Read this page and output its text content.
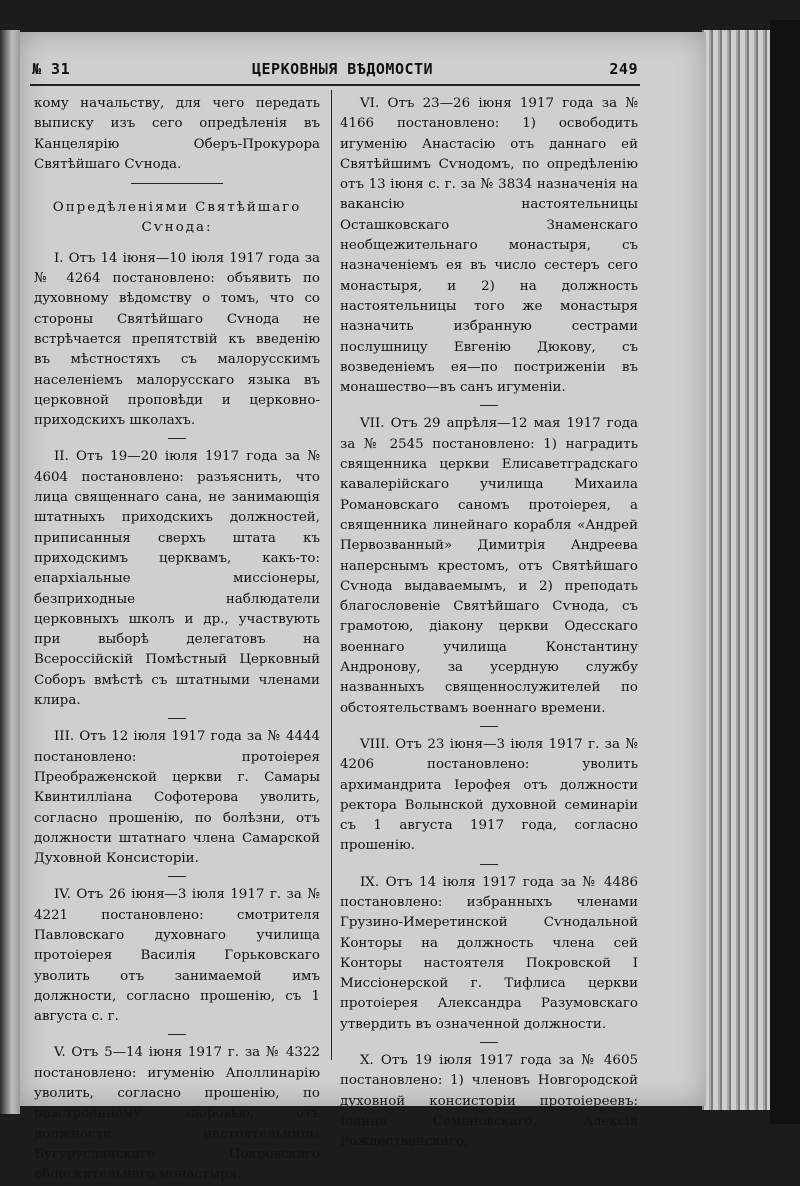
№ 31	ЦЕРКОВНЫЯ ВѢДОМОСТИ	249

кому начальству, для чего передать выписку изъ сего опредѣленія въ Канцелярію Оберъ-Прокурора Святѣйшаго Сѵнода.

Опредѣленіями Святѣйшаго Сѵнода:

I. Отъ 14 іюня—10 іюля 1917 года за № 4264 постановлено: объявить по духовному вѣдомству о томъ, что со стороны Святѣйшаго Сѵнода не встрѣчается препятствій къ введенію въ мѣстностяхъ съ малорусскимъ населеніемъ малорусскаго языка въ церковной проповѣди и церковно-приходскихъ школахъ.

II. Отъ 19—20 іюля 1917 года за № 4604 постановлено: разъяснить, что лица священнаго сана, не занимающія штатныхъ приходскихъ должностей, приписанныя сверхъ штата къ приходскимъ церквамъ, какъ-то: епархіальные миссіонеры, безприходные наблюдатели церковныхъ школъ и др., участвують при выборѣ делегатовъ на Всероссійскій Помѣстный Церковный Соборъ вмѣстѣ съ штатными членами клира.

III. Отъ 12 іюля 1917 года за № 4444 постановлено: протоіерея Преображенской церкви г. Самары Квинтилліана Софотерова уволить, согласно прошенію, по болѣзни, отъ должности штатнаго члена Самарской Духовной Консисторіи.

IV. Отъ 26 іюня—3 іюля 1917 г. за № 4221 постановлено: смотрителя Павловскаго духовнаго училища протоіерея Василія Горьковскаго уволить отъ занимаемой имъ должности, согласно прошенію, съ 1 августа с. г.

V. Отъ 5—14 іюня 1917 г. за № 4322 постановлено: игуменію Аполлинарію уволить, согласно прошенію, по разстроенному здоровью, отъ должности настоятельницы Бугурусланскаго Покровскаго общежительнаго монастыря.

VI. Отъ 23—26 іюня 1917 года за № 4166 постановлено: 1) освободить игуменію Анастасію отъ даннаго ей Святѣйшимъ Сѵнодомъ, по опредѣленію отъ 13 іюня с. г. за № 3834 назначенія на вакансію настоятельницы Осташковскаго Знаменскаго необщежительнаго монастыря, съ назначеніемъ ея въ число сестеръ сего монастыря, и 2) на должность настоятельницы того же монастыря назначить избранную сестрами послушницу Евгенію Дюкову, съ возведеніемъ ея—по постриженіи въ монашество—въ санъ игуменіи.

VII. Отъ 29 апрѣля—12 мая 1917 года за № 2545 постановлено: 1) наградить священника церкви Елисаветградскаго кавалерійскаго училища Михаила Романовскаго саномъ протоіерея, а священника линейнаго корабля «Андрей Первозванный» Димитрія Андреева наперснымъ крестомъ, отъ Святѣйшаго Сѵнода выдаваемымъ, и 2) преподать благословеніе Святѣйшаго Сѵнода, съ грамотою, діакону церкви Одесскаго военнаго училища Константину Андронову, за усердную службу названныхъ священнослужителей по обстоятельствамъ военнаго времени.

VIII. Отъ 23 іюня—3 іюля 1917 г. за № 4206 постановлено: уволить архимандрита Іерофея отъ должности ректора Волынской духовной семинаріи съ 1 августа 1917 года, согласно прошенію.

IX. Отъ 14 іюля 1917 года за № 4486 постановлено: избранныхъ членами Грузино-Имеретинской Сѵнодальной Конторы на должность члена сей Конторы настоятеля Покровской I Миссіонерской г. Тифлиса церкви протоіерея Александра Разумовскаго утвердить въ означенной должности.

X. Отъ 19 іюля 1917 года за № 4605 постановлено: 1) членовъ Новгородской духовной консисторіи протоіереевъ: Іоанна Семеновскаго, Алексія Рождественскаго,
